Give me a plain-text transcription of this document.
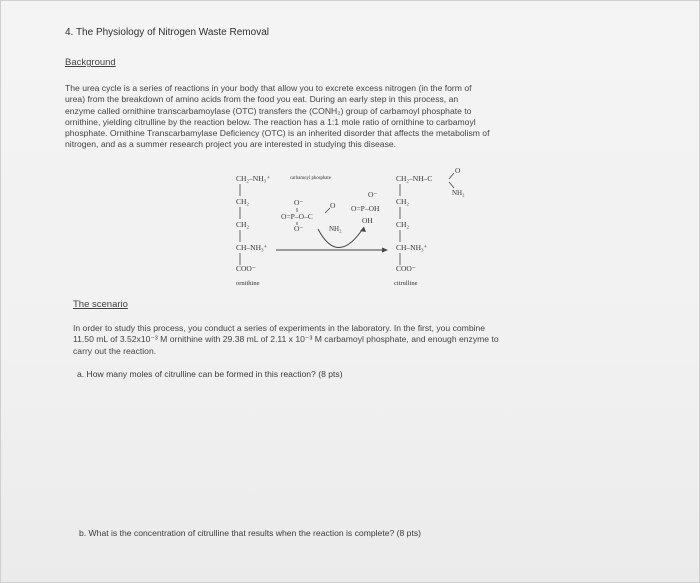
4. The Physiology of Nitrogen Waste Removal
Background

The urea cycle is a series of reactions in your body that allow you to excrete excess nitrogen (in the form of
urea) from the breakdown of amino acids from the food you eat. During an early step in this process, an
enzyme called ornithine transcarbamoylase (OTC) transfers the (CONH₂) group of carbamoyl phosphate to
ornithine, yielding citrulline by the reaction below. The reaction has a 1:1 mole ratio of ornithine to carbamoyl
phosphate. Ornithine Transcarbamylase Deficiency (OTC) is an inherited disorder that affects the metabolism of
nitrogen, and as a summer research project you are interested in studying this disease.

CH₂–NH₃⁺
CH₂
CH₂
CH–NH₃⁺
COO⁻
ornithine
carbamoyl phosphate
O⁻
O=P–O–C
O⁻
O
NH₂
O⁻
O=P–OH
OH
CH₂–NH–C
O
NH₂
CH₂
CH₂
CH–NH₃⁺
COO⁻
citrulline
The scenario

In order to study this process, you conduct a series of experiments in the laboratory. In the first, you combine
11.50 mL of 3.52x10⁻³ M ornithine with 29.38 mL of 2.11 x 10⁻³ M carbamoyl phosphate, and enough enzyme to
carry out the reaction.

a. How many moles of citrulline can be formed in this reaction? (8 pts)
b. What is the concentration of citrulline that results when the reaction is complete? (8 pts)
